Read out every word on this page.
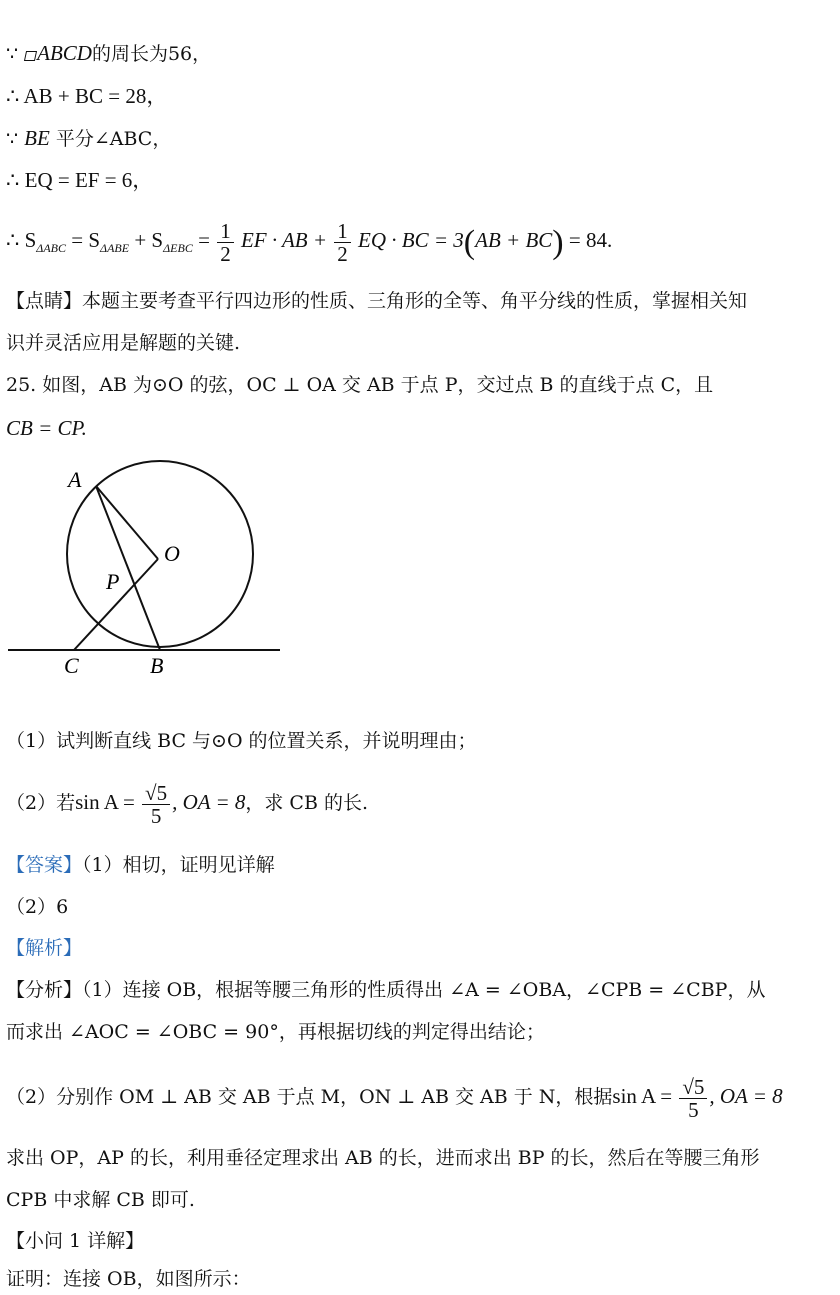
∵ ABCD的周长为56，
∴ AB + BC = 28，
∵ BE 平分∠ABC，
∴ EQ = EF = 6，
∴ $S_{\Delta ABC} = S_{\Delta ABE} + S_{\Delta EBC} = \frac{1}{2}$ EF · AB + $\frac{1}{2}$ EQ · BC = 3(AB + BC) = 84.
【点睛】本题主要考查平行四边形的性质、三角形的全等、角平分线的性质，掌握相关知
识并灵活应用是解题的关键.
25. 如图，AB 为⊙O 的弦，OC ⊥ OA 交 AB 于点 P，交过点 B 的直线于点 C，且
CB = CP.
A
O
P
C	B
（1）试判断直线 BC 与⊙O 的位置关系，并说明理由；
（2）若$\sin A = \frac{√5}{5}$ , OA = 8，求 CB 的长.
【答案】（1）相切，证明见详解
（2）6
【解析】
【分析】（1）连接 OB，根据等腰三角形的性质得出 ∠A = ∠OBA，∠CPB = ∠CBP，从
而求出 ∠AOC = ∠OBC = 90°，再根据切线的判定得出结论；
（2）分别作 OM ⊥ AB 交 AB 于点 M，ON ⊥ AB 交 AB 于 N，根据$\sin A = \frac{√5}{5}$ , OA = 8
求出 OP，AP 的长，利用垂径定理求出 AB 的长，进而求出 BP 的长，然后在等腰三角形
CPB 中求解 CB 即可.
【小问 1 详解】
证明：连接 OB，如图所示：
